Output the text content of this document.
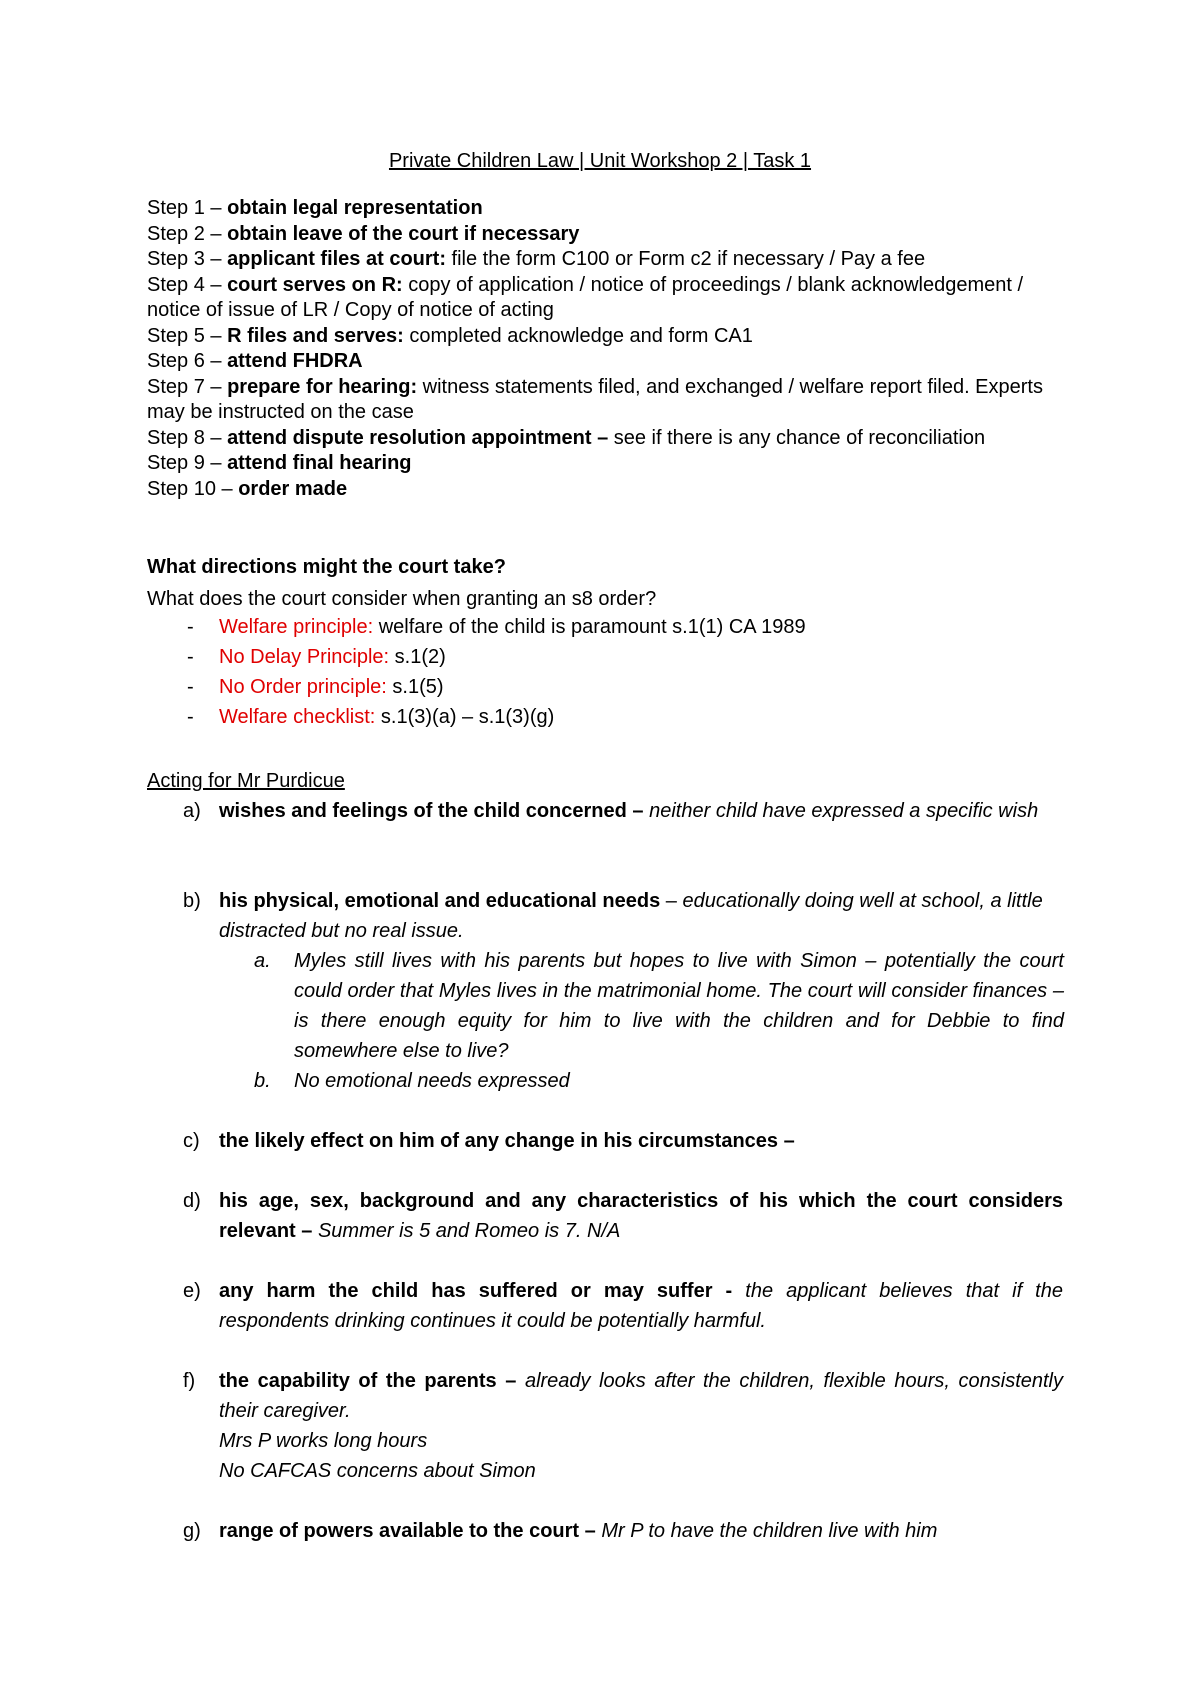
Private Children Law | Unit Workshop 2 | Task 1
Step 1 – obtain legal representation
Step 2 – obtain leave of the court if necessary
Step 3 – applicant files at court: file the form C100 or Form c2 if necessary / Pay a fee
Step 4 – court serves on R: copy of application / notice of proceedings / blank acknowledgement / notice of issue of LR / Copy of notice of acting
Step 5 – R files and serves: completed acknowledge and form CA1
Step 6 – attend FHDRA
Step 7 – prepare for hearing: witness statements filed, and exchanged / welfare report filed. Experts may be instructed on the case
Step 8 – attend dispute resolution appointment – see if there is any chance of reconciliation
Step 9 – attend final hearing
Step 10 – order made
What directions might the court take?
What does the court consider when granting an s8 order?
- Welfare principle: welfare of the child is paramount s.1(1) CA 1989
- No Delay Principle: s.1(2)
- No Order principle: s.1(5)
- Welfare checklist: s.1(3)(a) – s.1(3)(g)
Acting for Mr Purdicue
a) wishes and feelings of the child concerned – neither child have expressed a specific wish
b) his physical, emotional and educational needs – educationally doing well at school, a little distracted but no real issue.
a.	Myles still lives with his parents but hopes to live with Simon – potentially the court could order that Myles lives in the matrimonial home. The court will consider finances – is there enough equity for him to live with the children and for Debbie to find somewhere else to live?
b.	No emotional needs expressed
c) the likely effect on him of any change in his circumstances –
d) his age, sex, background and any characteristics of his which the court considers relevant – Summer is 5 and Romeo is 7. N/A
e) any harm the child has suffered or may suffer - the applicant believes that if the respondents drinking continues it could be potentially harmful.
f)	the capability of the parents – already looks after the children, flexible hours, consistently their caregiver.
Mrs P works long hours
No CAFCAS concerns about Simon
g) range of powers available to the court – Mr P to have the children live with him
